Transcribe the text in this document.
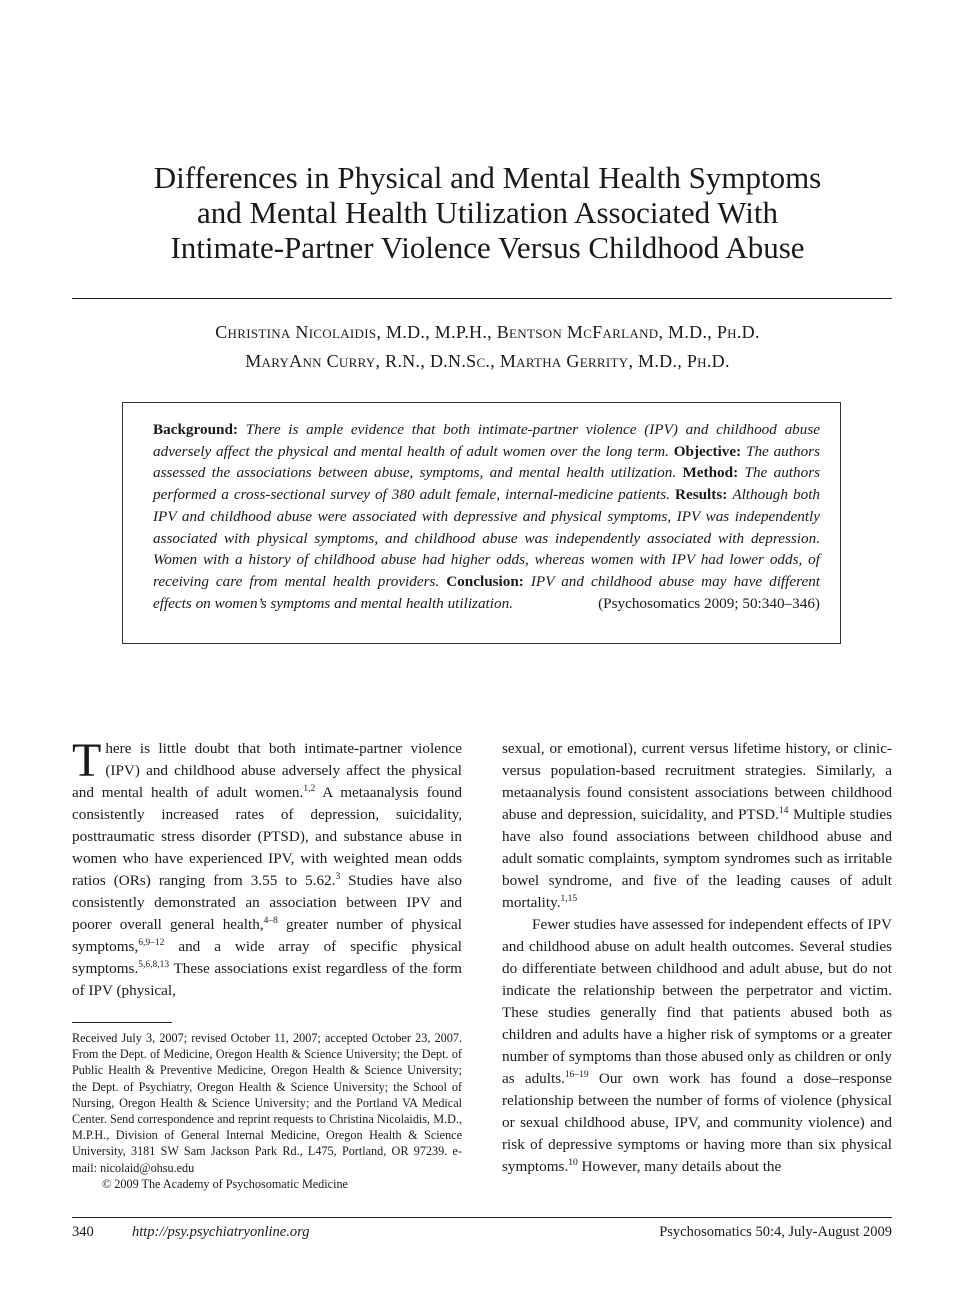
Differences in Physical and Mental Health Symptoms
and Mental Health Utilization Associated With
Intimate-Partner Violence Versus Childhood Abuse
Christina Nicolaidis, M.D., M.P.H., Bentson McFarland, M.D., Ph.D.
MaryAnn Curry, R.N., D.N.Sc., Martha Gerrity, M.D., Ph.D.
Background: There is ample evidence that both intimate-partner violence (IPV) and childhood abuse adversely affect the physical and mental health of adult women over the long term. Objective: The authors assessed the associations between abuse, symptoms, and mental health utilization. Method: The authors performed a cross-sectional survey of 380 adult female, internal-medicine patients. Results: Although both IPV and childhood abuse were associated with depressive and physical symptoms, IPV was independently associated with physical symptoms, and childhood abuse was independently associated with depression. Women with a history of childhood abuse had higher odds, whereas women with IPV had lower odds, of receiving care from mental health providers. Conclusion: IPV and childhood abuse may have different effects on women’s symptoms and mental health utilization.	(Psychosomatics 2009; 50:340–346)

There is little doubt that both intimate-partner violence (IPV) and childhood abuse adversely affect the physical and mental health of adult women.$^{1,2}$ A metaanalysis found consistently increased rates of depression, suicidality, posttraumatic stress disorder (PTSD), and substance abuse in women who have experienced IPV, with weighted mean odds ratios (ORs) ranging from 3.55 to 5.62.$^3$ Studies have also consistently demonstrated an association between IPV and poorer overall general health,$^{4-8}$ greater number of physical symptoms,$^{6,9-12}$ and a wide array of specific physical symptoms.$^{5,6,8,13}$ These associations exist regardless of the form of IPV (physical,

Received July 3, 2007; revised October 11, 2007; accepted October 23, 2007. From the Dept. of Medicine, Oregon Health & Science University; the Dept. of Public Health & Preventive Medicine, Oregon Health & Science University; the Dept. of Psychiatry, Oregon Health & Science University; the School of Nursing, Oregon Health & Science University; and the Portland VA Medical Center. Send correspondence and reprint requests to Christina Nicolaidis, M.D., M.P.H., Division of General Internal Medicine, Oregon Health & Science University, 3181 SW Sam Jackson Park Rd., L475, Portland, OR 97239. e-mail: nicolaid@ohsu.edu
© 2009 The Academy of Psychosomatic Medicine

sexual, or emotional), current versus lifetime history, or clinic- versus population-based recruitment strategies. Similarly, a metaanalysis found consistent associations between childhood abuse and depression, suicidality, and PTSD.$^{14}$ Multiple studies have also found associations between childhood abuse and adult somatic complaints, symptom syndromes such as irritable bowel syndrome, and five of the leading causes of adult mortality.$^{1,15}$

Fewer studies have assessed for independent effects of IPV and childhood abuse on adult health outcomes. Several studies do differentiate between childhood and adult abuse, but do not indicate the relationship between the perpetrator and victim. These studies generally find that patients abused both as children and adults have a higher risk of symptoms or a greater number of symptoms than those abused only as children or only as adults.$^{16-19}$ Our own work has found a dose–response relationship between the number of forms of violence (physical or sexual childhood abuse, IPV, and community violence) and risk of depressive symptoms or having more than six physical symptoms.$^{10}$ However, many details about the

340	http://psy.psychiatryonline.org	Psychosomatics 50:4, July-August 2009
